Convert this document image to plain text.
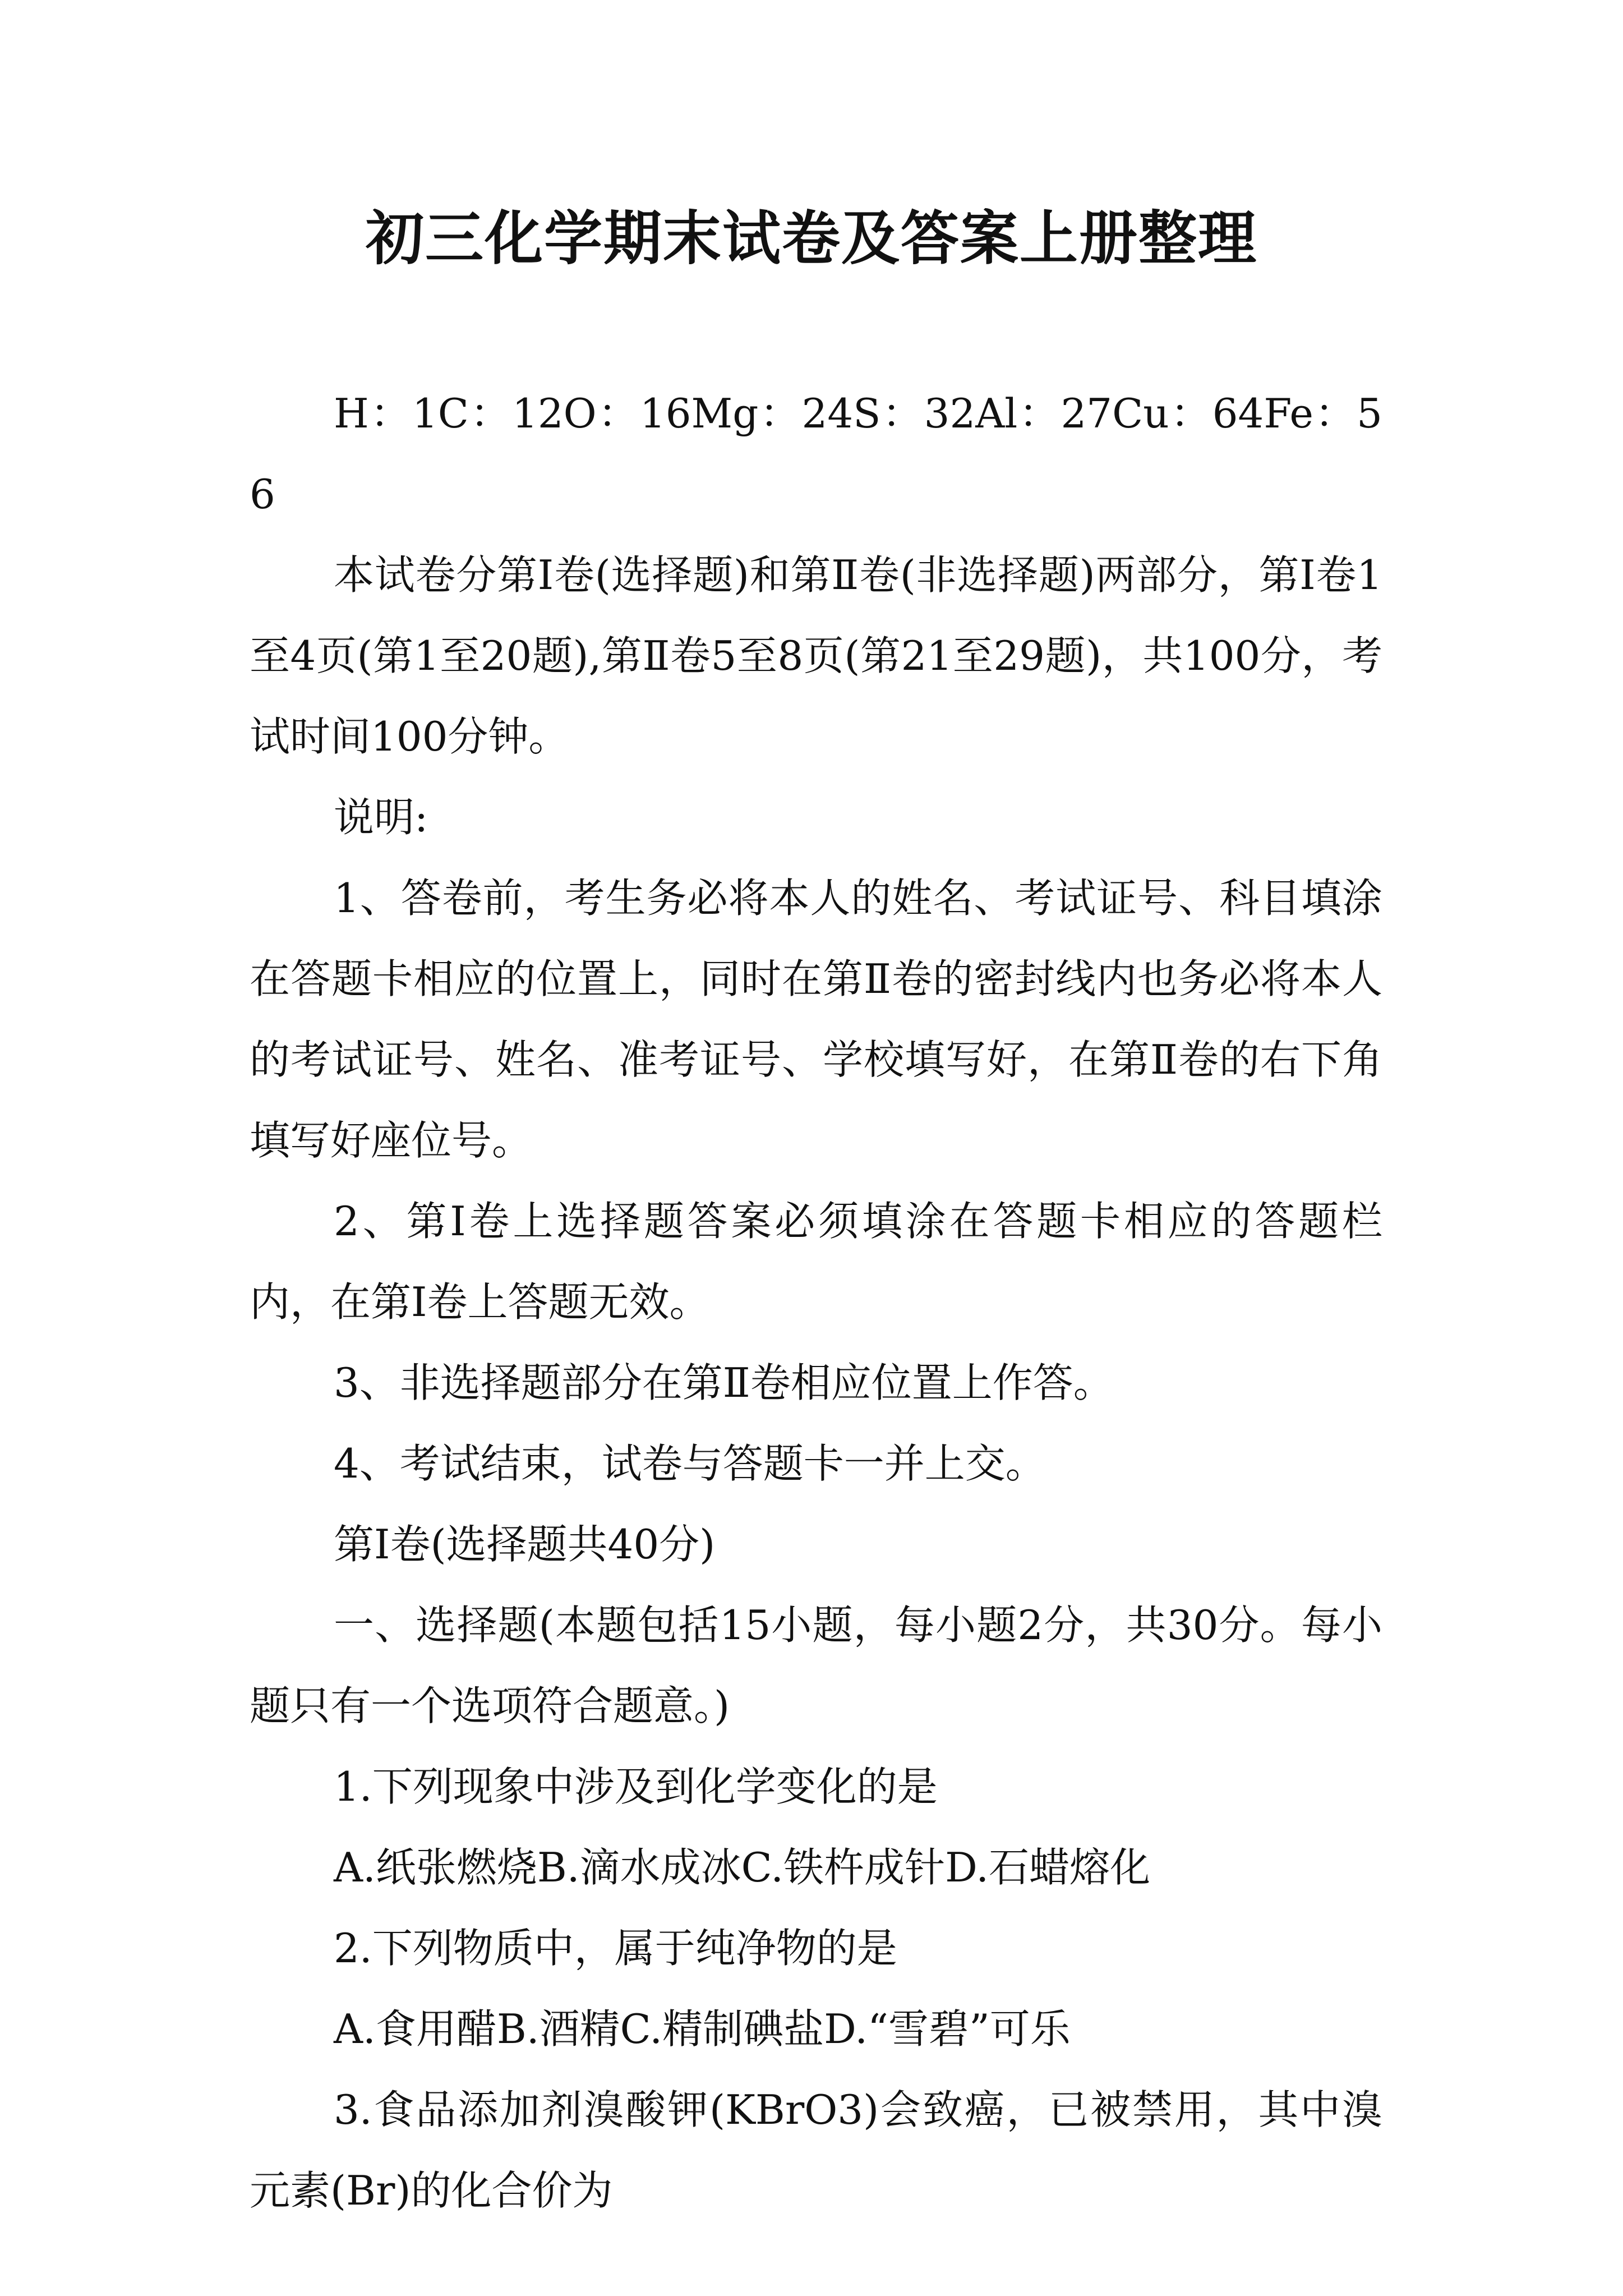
初三化学期末试卷及答案上册整理

H：1C：12O：16Mg：24S：32Al：27Cu：64Fe：56

本试卷分第Ⅰ卷(选择题)和第Ⅱ卷(非选择题)两部分，第Ⅰ卷1至4页(第1至20题),第Ⅱ卷5至8页(第21至29题)，共100分，考试时间100分钟。

说明:

1、答卷前，考生务必将本人的姓名、考试证号、科目填涂在答题卡相应的位置上，同时在第Ⅱ卷的密封线内也务必将本人的考试证号、姓名、准考证号、学校填写好，在第Ⅱ卷的右下角填写好座位号。

2、第Ⅰ卷上选择题答案必须填涂在答题卡相应的答题栏内，在第Ⅰ卷上答题无效。

3、非选择题部分在第Ⅱ卷相应位置上作答。

4、考试结束，试卷与答题卡一并上交。

第Ⅰ卷(选择题共40分)

一、选择题(本题包括15小题，每小题2分，共30分。每小题只有一个选项符合题意。)

1.下列现象中涉及到化学变化的是

A.纸张燃烧B.滴水成冰C.铁杵成针D.石蜡熔化

2.下列物质中，属于纯净物的是

A.食用醋B.酒精C.精制碘盐D.“雪碧”可乐

3.食品添加剂溴酸钾(KBrO3)会致癌，已被禁用，其中溴元素(Br)的化合价为
